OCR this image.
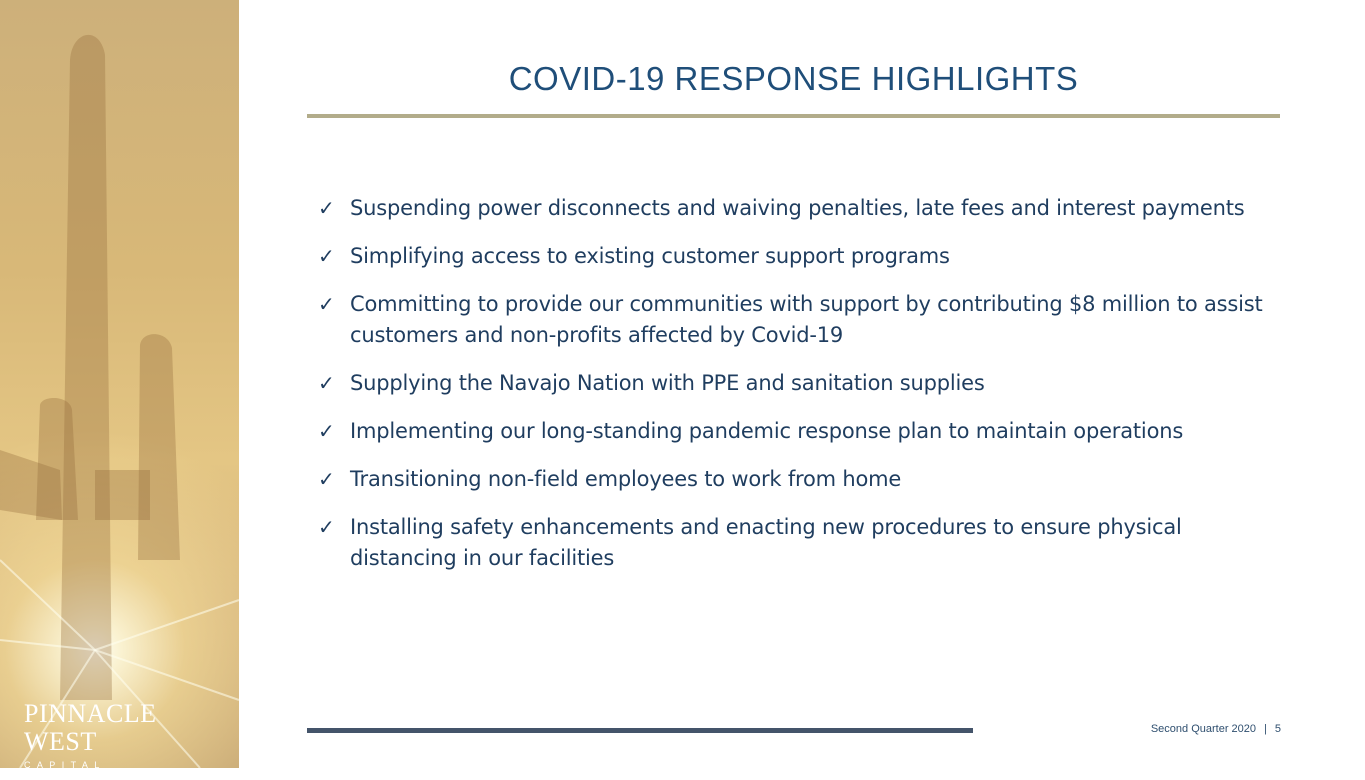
PINNACLE WEST
CAPITAL CORPORATION
COVID-19 RESPONSE HIGHLIGHTS
✓ Suspending power disconnects and waiving penalties, late fees and interest payments
✓ Simplifying access to existing customer support programs
✓ Committing to provide our communities with support by contributing $8 million to assist customers and non-profits affected by Covid-19
✓ Supplying the Navajo Nation with PPE and sanitation supplies
✓ Implementing our long-standing pandemic response plan to maintain operations
✓ Transitioning non-field employees to work from home
✓ Installing safety enhancements and enacting new procedures to ensure physical distancing in our facilities
Second Quarter 2020 | 5
